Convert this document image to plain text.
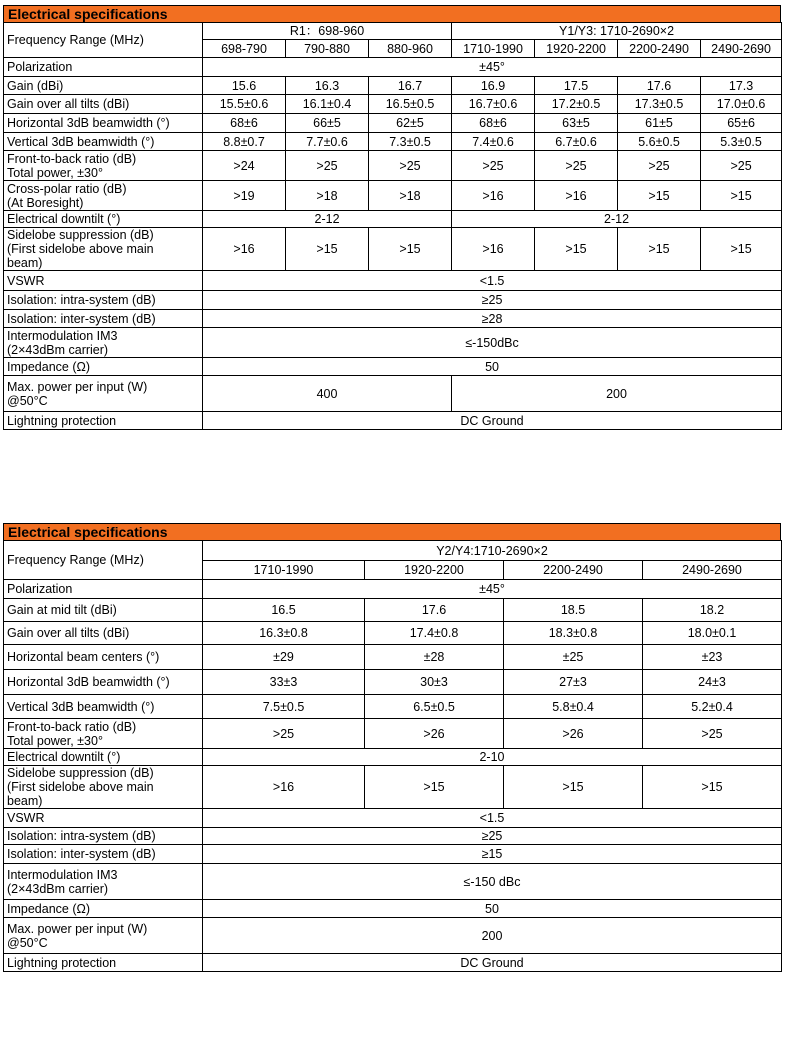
Electrical specifications
Frequency Range (MHz)	R1：698-960			Y1/Y3: 1710-2690×2			
	698-790	790-880	880-960	1710-1990	1920-2200	2200-2490	2490-2690

Polarization	±45°						

Gain (dBi)	15.6	16.3	16.7	16.9	17.5	17.6	17.3

Gain over all tilts (dBi)	15.5±0.6	16.1±0.4	16.5±0.5	16.7±0.6	17.2±0.5	17.3±0.5	17.0±0.6

Horizontal 3dB beamwidth (°)	68±6	66±5	62±5	68±6	63±5	61±5	65±6

Vertical 3dB beamwidth (°)	8.8±0.7	7.7±0.6	7.3±0.5	7.4±0.6	6.7±0.6	5.6±0.5	5.3±0.5

Front-to-back ratio (dB)
Total power, ±30°	>24	>25	>25	>25	>25	>25	>25

Cross-polar ratio (dB)
(At Boresight)	>19	>18	>18	>16	>16	>15	>15

Electrical downtilt (°)	2-12			2-12			

Sidelobe suppression (dB)
(First sidelobe above main
beam)	>16	>15	>15	>16	>15	>15	>15

VSWR	<1.5						

Isolation: intra-system (dB)	≥25						

Isolation: inter-system (dB)	≥28						

Intermodulation IM3
(2×43dBm carrier)	≤-150dBc						

Impedance (Ω)	50						

Max. power per input (W)
@50°C	400			200			

Lightning protection	DC Ground						
Electrical specifications
Frequency Range (MHz)	Y2/Y4:1710-2690×2			
	1710-1990	1920-2200	2200-2490	2490-2690

Polarization	±45°			

Gain at mid tilt (dBi)	16.5	17.6	18.5	18.2

Gain over all tilts (dBi)	16.3±0.8	17.4±0.8	18.3±0.8	18.0±0.1

Horizontal beam centers (°)	±29	±28	±25	±23

Horizontal 3dB beamwidth (°)	33±3	30±3	27±3	24±3

Vertical 3dB beamwidth (°)	7.5±0.5	6.5±0.5	5.8±0.4	5.2±0.4

Front-to-back ratio (dB)
Total power, ±30°	>25	>26	>26	>25

Electrical downtilt (°)	2-10			

Sidelobe suppression (dB)
(First sidelobe above main
beam)	>16	>15	>15	>15

VSWR	<1.5			

Isolation: intra-system (dB)	≥25			

Isolation: inter-system (dB)	≥15			

Intermodulation IM3
(2×43dBm carrier)	≤-150 dBc			

Impedance (Ω)	50			

Max. power per input (W)
@50°C	200			

Lightning protection	DC Ground			
